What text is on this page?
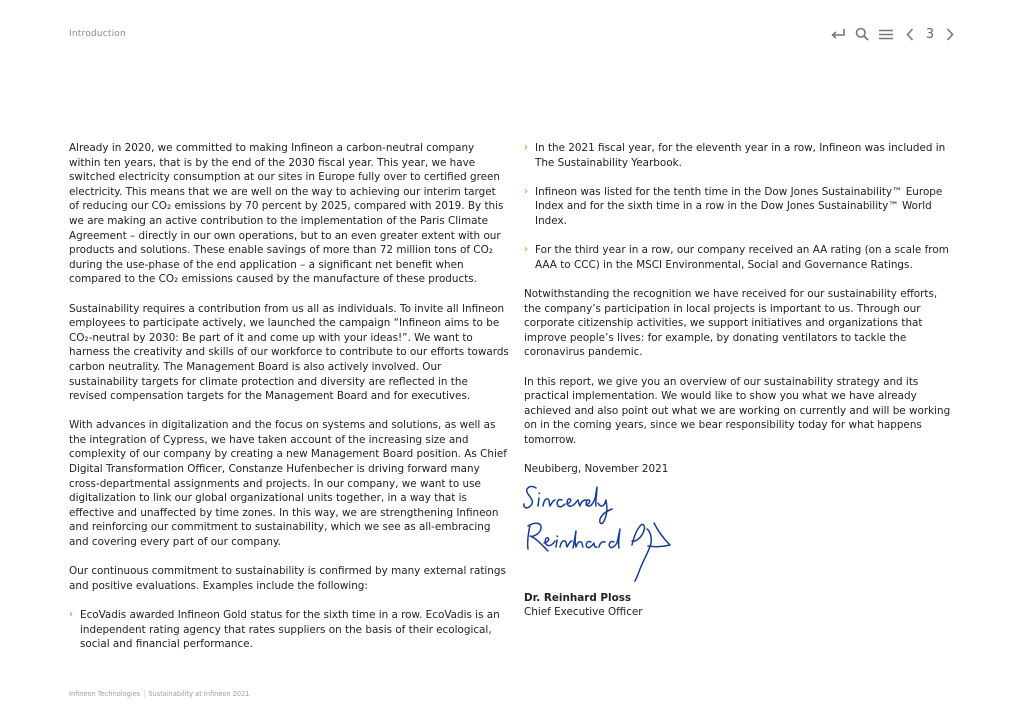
Introduction	3

Already in 2020, we committed to making Infineon a carbon-neutral company within ten years, that is by the end of the 2030 fiscal year. This year, we have switched electricity consumption at our sites in Europe fully over to certified green electricity. This means that we are well on the way to achieving our interim target of reducing our CO₂ emissions by 70 percent by 2025, compared with 2019. By this we are making an active contribution to the implementation of the Paris Climate Agreement – directly in our own operations, but to an even greater extent with our products and solutions. These enable savings of more than 72 million tons of CO₂ during the use-phase of the end application – a significant net benefit when compared to the CO₂ emissions caused by the manufacture of these products.

Sustainability requires a contribution from us all as individuals. To invite all Infineon employees to participate actively, we launched the campaign “Infineon aims to be CO₂-neutral by 2030: Be part of it and come up with your ideas!”. We want to harness the creativity and skills of our workforce to contribute to our efforts towards carbon neutrality. The Management Board is also actively involved. Our sustainability targets for climate protection and diversity are reflected in the revised compensation targets for the Management Board and for executives.

With advances in digitalization and the focus on systems and solutions, as well as the integration of Cypress, we have taken account of the increasing size and complexity of our company by creating a new Management Board position. As Chief Digital Transformation Officer, Constanze Hufenbecher is driving forward many cross-departmental assignments and projects. In our company, we want to use digitalization to link our global organizational units together, in a way that is effective and unaffected by time zones. In this way, we are strengthening Infineon and reinforcing our commitment to sustainability, which we see as all-embracing and covering every part of our company.

Our continuous commitment to sustainability is confirmed by many external ratings and positive evaluations. Examples include the following:

› EcoVadis awarded Infineon Gold status for the sixth time in a row. EcoVadis is an independent rating agency that rates suppliers on the basis of their ecological, social and financial performance.
› In the 2021 fiscal year, for the eleventh year in a row, Infineon was included in The Sustainability Yearbook.
› Infineon was listed for the tenth time in the Dow Jones Sustainability™ Europe Index and for the sixth time in a row in the Dow Jones Sustainability™ World Index.
› For the third year in a row, our company received an AA rating (on a scale from AAA to CCC) in the MSCI Environmental, Social and Governance Ratings.

Notwithstanding the recognition we have received for our sustainability efforts, the company’s participation in local projects is important to us. Through our corporate citizenship activities, we support initiatives and organizations that improve people’s lives: for example, by donating ventilators to tackle the coronavirus pandemic.

In this report, we give you an overview of our sustainability strategy and its practical implementation. We would like to show you what we have already achieved and also point out what we are working on currently and will be working on in the coming years, since we bear responsibility today for what happens tomorrow.

Neubiberg, November 2021

Dr. Reinhard Ploss
Chief Executive Officer
Infineon Technologies | Sustainability at Infineon 2021
